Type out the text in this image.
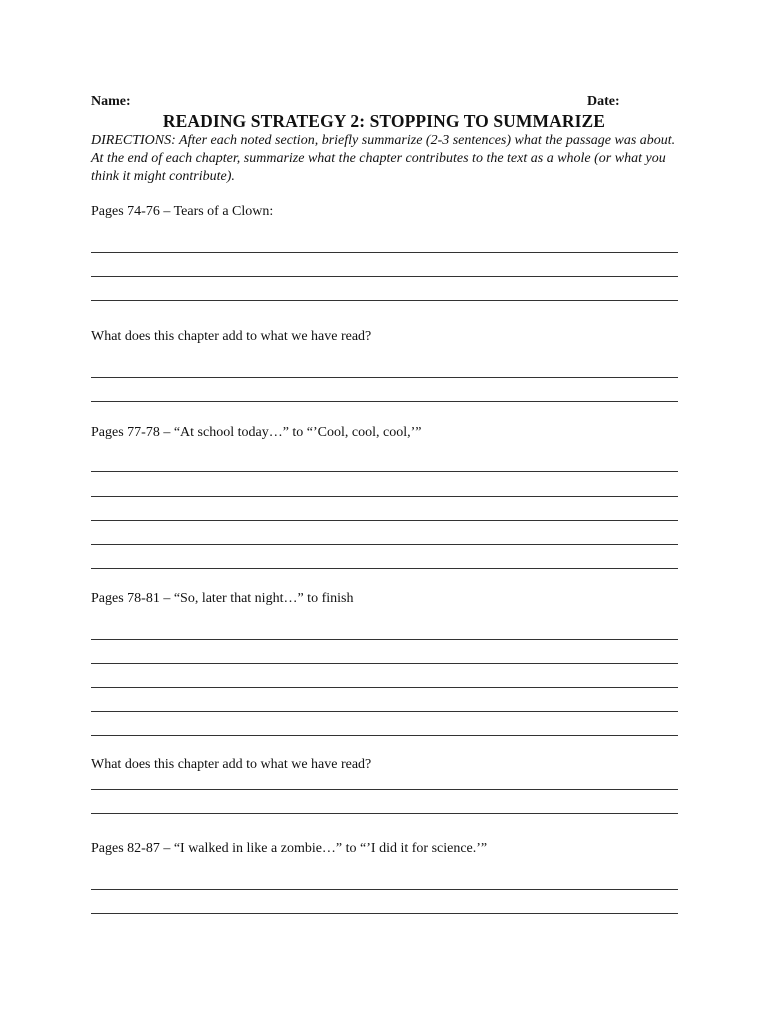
Name:	Date:
READING STRATEGY 2: STOPPING TO SUMMARIZE
DIRECTIONS: After each noted section, briefly summarize (2-3 sentences) what the passage was about. At the end of each chapter, summarize what the chapter contributes to the text as a whole (or what you think it might contribute).
Pages 74-76 – Tears of a Clown:
What does this chapter add to what we have read?
Pages 77-78 – “At school today…” to “’Cool, cool, cool,’”
Pages 78-81 – “So, later that night…” to finish
What does this chapter add to what we have read?
Pages 82-87 – “I walked in like a zombie…” to “’I did it for science.’”
